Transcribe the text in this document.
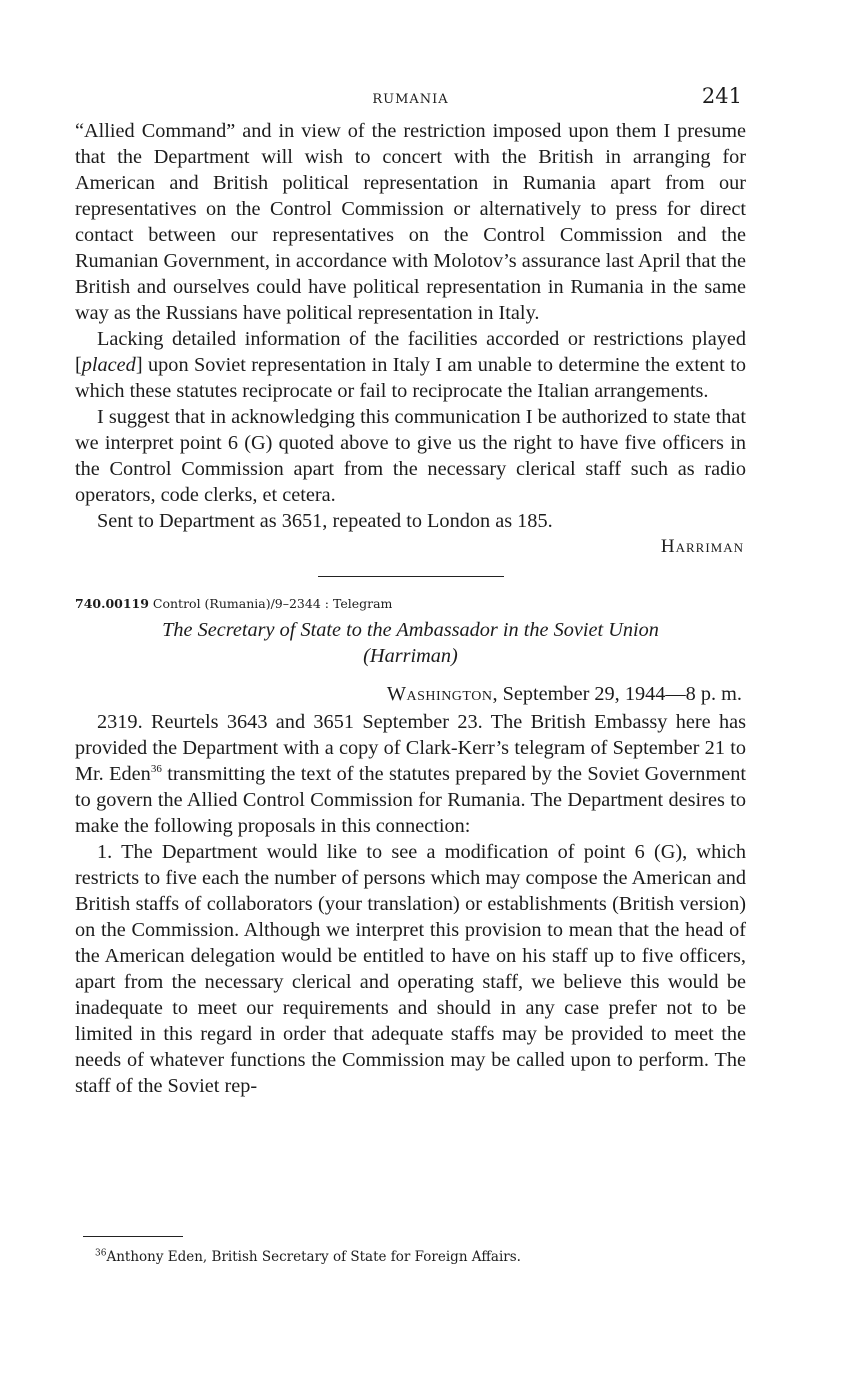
RUMANIA	241

“Allied Command” and in view of the restriction imposed upon them I presume that the Department will wish to concert with the British in arranging for American and British political representation in Rumania apart from our representatives on the Control Commission or alternatively to press for direct contact between our representatives on the Control Commission and the Rumanian Government, in accordance with Molotov’s assurance last April that the British and ourselves could have political representation in Rumania in the same way as the Russians have political representation in Italy.

Lacking detailed information of the facilities accorded or restrictions played [placed] upon Soviet representation in Italy I am unable to determine the extent to which these statutes reciprocate or fail to reciprocate the Italian arrangements.

I suggest that in acknowledging this communication I be authorized to state that we interpret point 6 (G) quoted above to give us the right to have five officers in the Control Commission apart from the necessary clerical staff such as radio operators, code clerks, et cetera.

Sent to Department as 3651, repeated to London as 185.

Harriman

740.00119 Control (Rumania)/9–2344 : Telegram
The Secretary of State to the Ambassador in the Soviet Union
(Harriman)
Washington, September 29, 1944—8 p. m.

2319. Reurtels 3643 and 3651 September 23. The British Embassy here has provided the Department with a copy of Clark-Kerr’s telegram of September 21 to Mr. Eden$^{36}$ transmitting the text of the statutes prepared by the Soviet Government to govern the Allied Control Commission for Rumania. The Department desires to make the following proposals in this connection:

1. The Department would like to see a modification of point 6 (G), which restricts to five each the number of persons which may compose the American and British staffs of collaborators (your translation) or establishments (British version) on the Commission. Although we interpret this provision to mean that the head of the American delegation would be entitled to have on his staff up to five officers, apart from the necessary clerical and operating staff, we believe this would be inadequate to meet our requirements and should in any case prefer not to be limited in this regard in order that adequate staffs may be provided to meet the needs of whatever functions the Commission may be called upon to perform. The staff of the Soviet rep-

$^{36}$Anthony Eden, British Secretary of State for Foreign Affairs.
